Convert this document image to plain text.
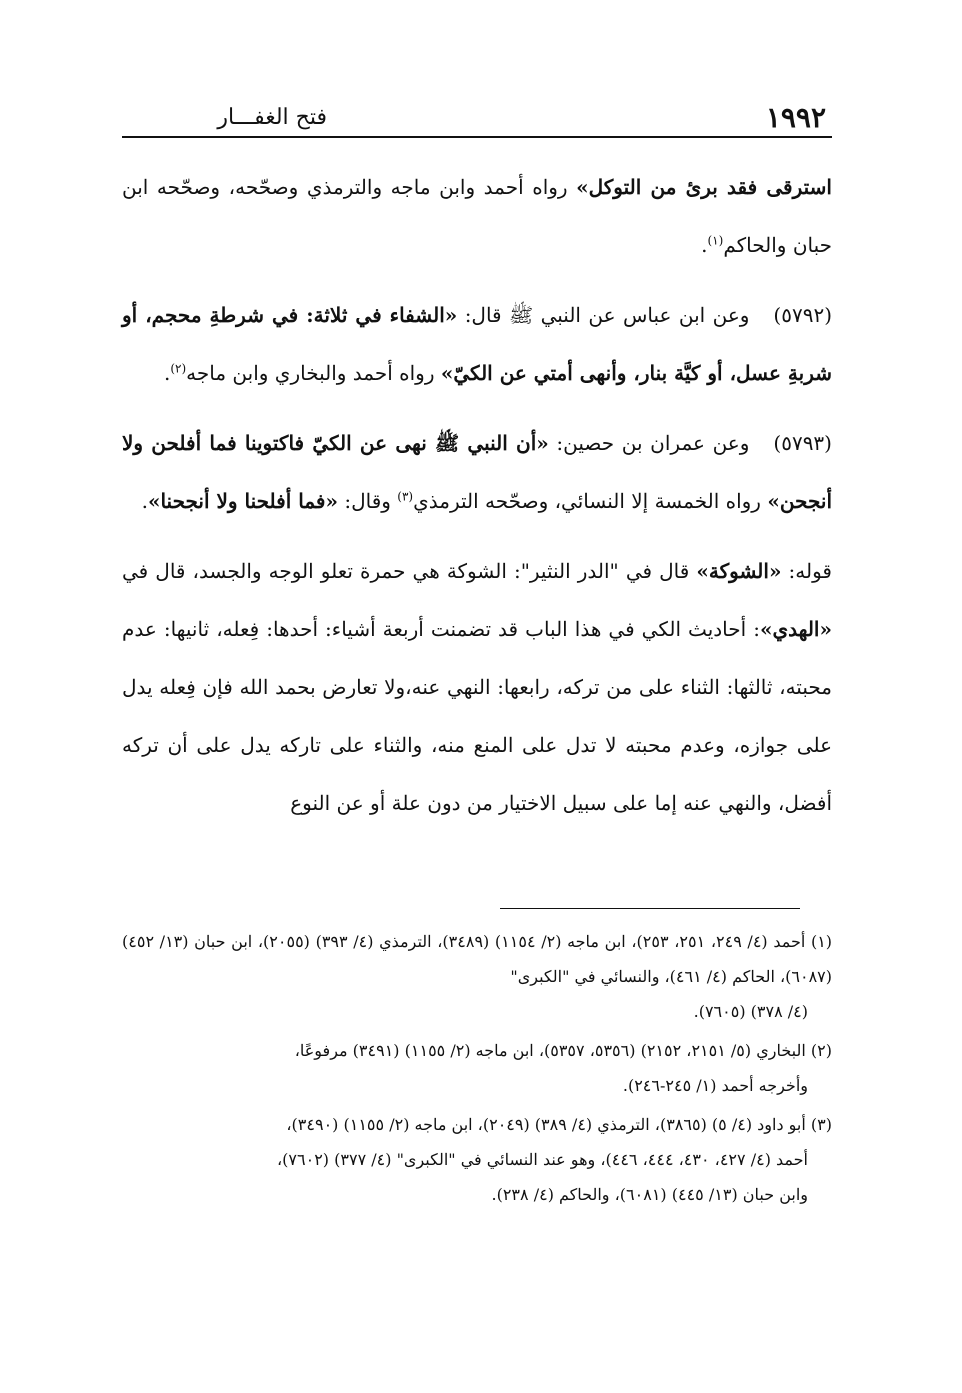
١٩٩٢
فتح الغفـــار

استرقى فقد برئ من التوكل» رواه أحمد وابن ماجه والترمذي وصحّحه، وصحّحه ابن حبان والحاكم$^{(١)}$.

(٥٧٩٢)وعن ابن عباس عن النبي ﷺ قال: «الشفاء في ثلاثة: في شرطةِ محجم، أو شربةِ عسل، أو كيَّة بنار، وأنهى أمتي عن الكيّ» رواه أحمد والبخاري وابن ماجه$^{(٢)}$.

(٥٧٩٣)وعن عمران بن حصين: «أن النبي ﷺ نهى عن الكيّ فاكتوينا فما أفلحن ولا أنجحن» رواه الخمسة إلا النسائي، وصحّحه الترمذي$^{(٣)}$ وقال: «فما أفلحنا ولا أنجحنا».

قوله: «الشوكة» قال في "الدر النثير": الشوكة هي حمرة تعلو الوجه والجسد، قال في «الهدي»: أحاديث الكي في هذا الباب قد تضمنت أربعة أشياء: أحدها: فِعله، ثانيها: عدم محبته، ثالثها: الثناء على من تركه، رابعها: النهي عنه،ولا تعارض بحمد الله فإن فِعله يدل على جوازه، وعدم محبته لا تدل على المنع منه، والثناء على تاركه يدل على أن تركه أفضل، والنهي عنه إما على سبيل الاختيار من دون علة أو عن النوع

(١) أحمد (٤/ ٢٤٩، ٢٥١، ٢٥٣)، ابن ماجه (٢/ ١١٥٤) (٣٤٨٩)، الترمذي (٤/ ٣٩٣) (٢٠٥٥)، ابن حبان (١٣/ ٤٥٢) (٦٠٨٧)، الحاكم (٤/ ٤٦١)، والنسائي في "الكبرى"
(٤/ ٣٧٨) (٧٦٠٥).
(٢) البخاري (٥/ ٢١٥١، ٢١٥٢) (٥٣٥٦، ٥٣٥٧)، ابن ماجه (٢/ ١١٥٥) (٣٤٩١) مرفوعًا،
وأخرجه أحمد (١/ ٢٤٥-٢٤٦).
(٣) أبو داود (٤/ ٥) (٣٨٦٥)، الترمذي (٤/ ٣٨٩) (٢٠٤٩)، ابن ماجه (٢/ ١١٥٥) (٣٤٩٠)،
أحمد (٤/ ٤٢٧، ٤٣٠، ٤٤٤، ٤٤٦)، وهو عند النسائي في "الكبرى" (٤/ ٣٧٧) (٧٦٠٢)،
وابن حبان (١٣/ ٤٤٥) (٦٠٨١)، والحاكم (٤/ ٢٣٨).
